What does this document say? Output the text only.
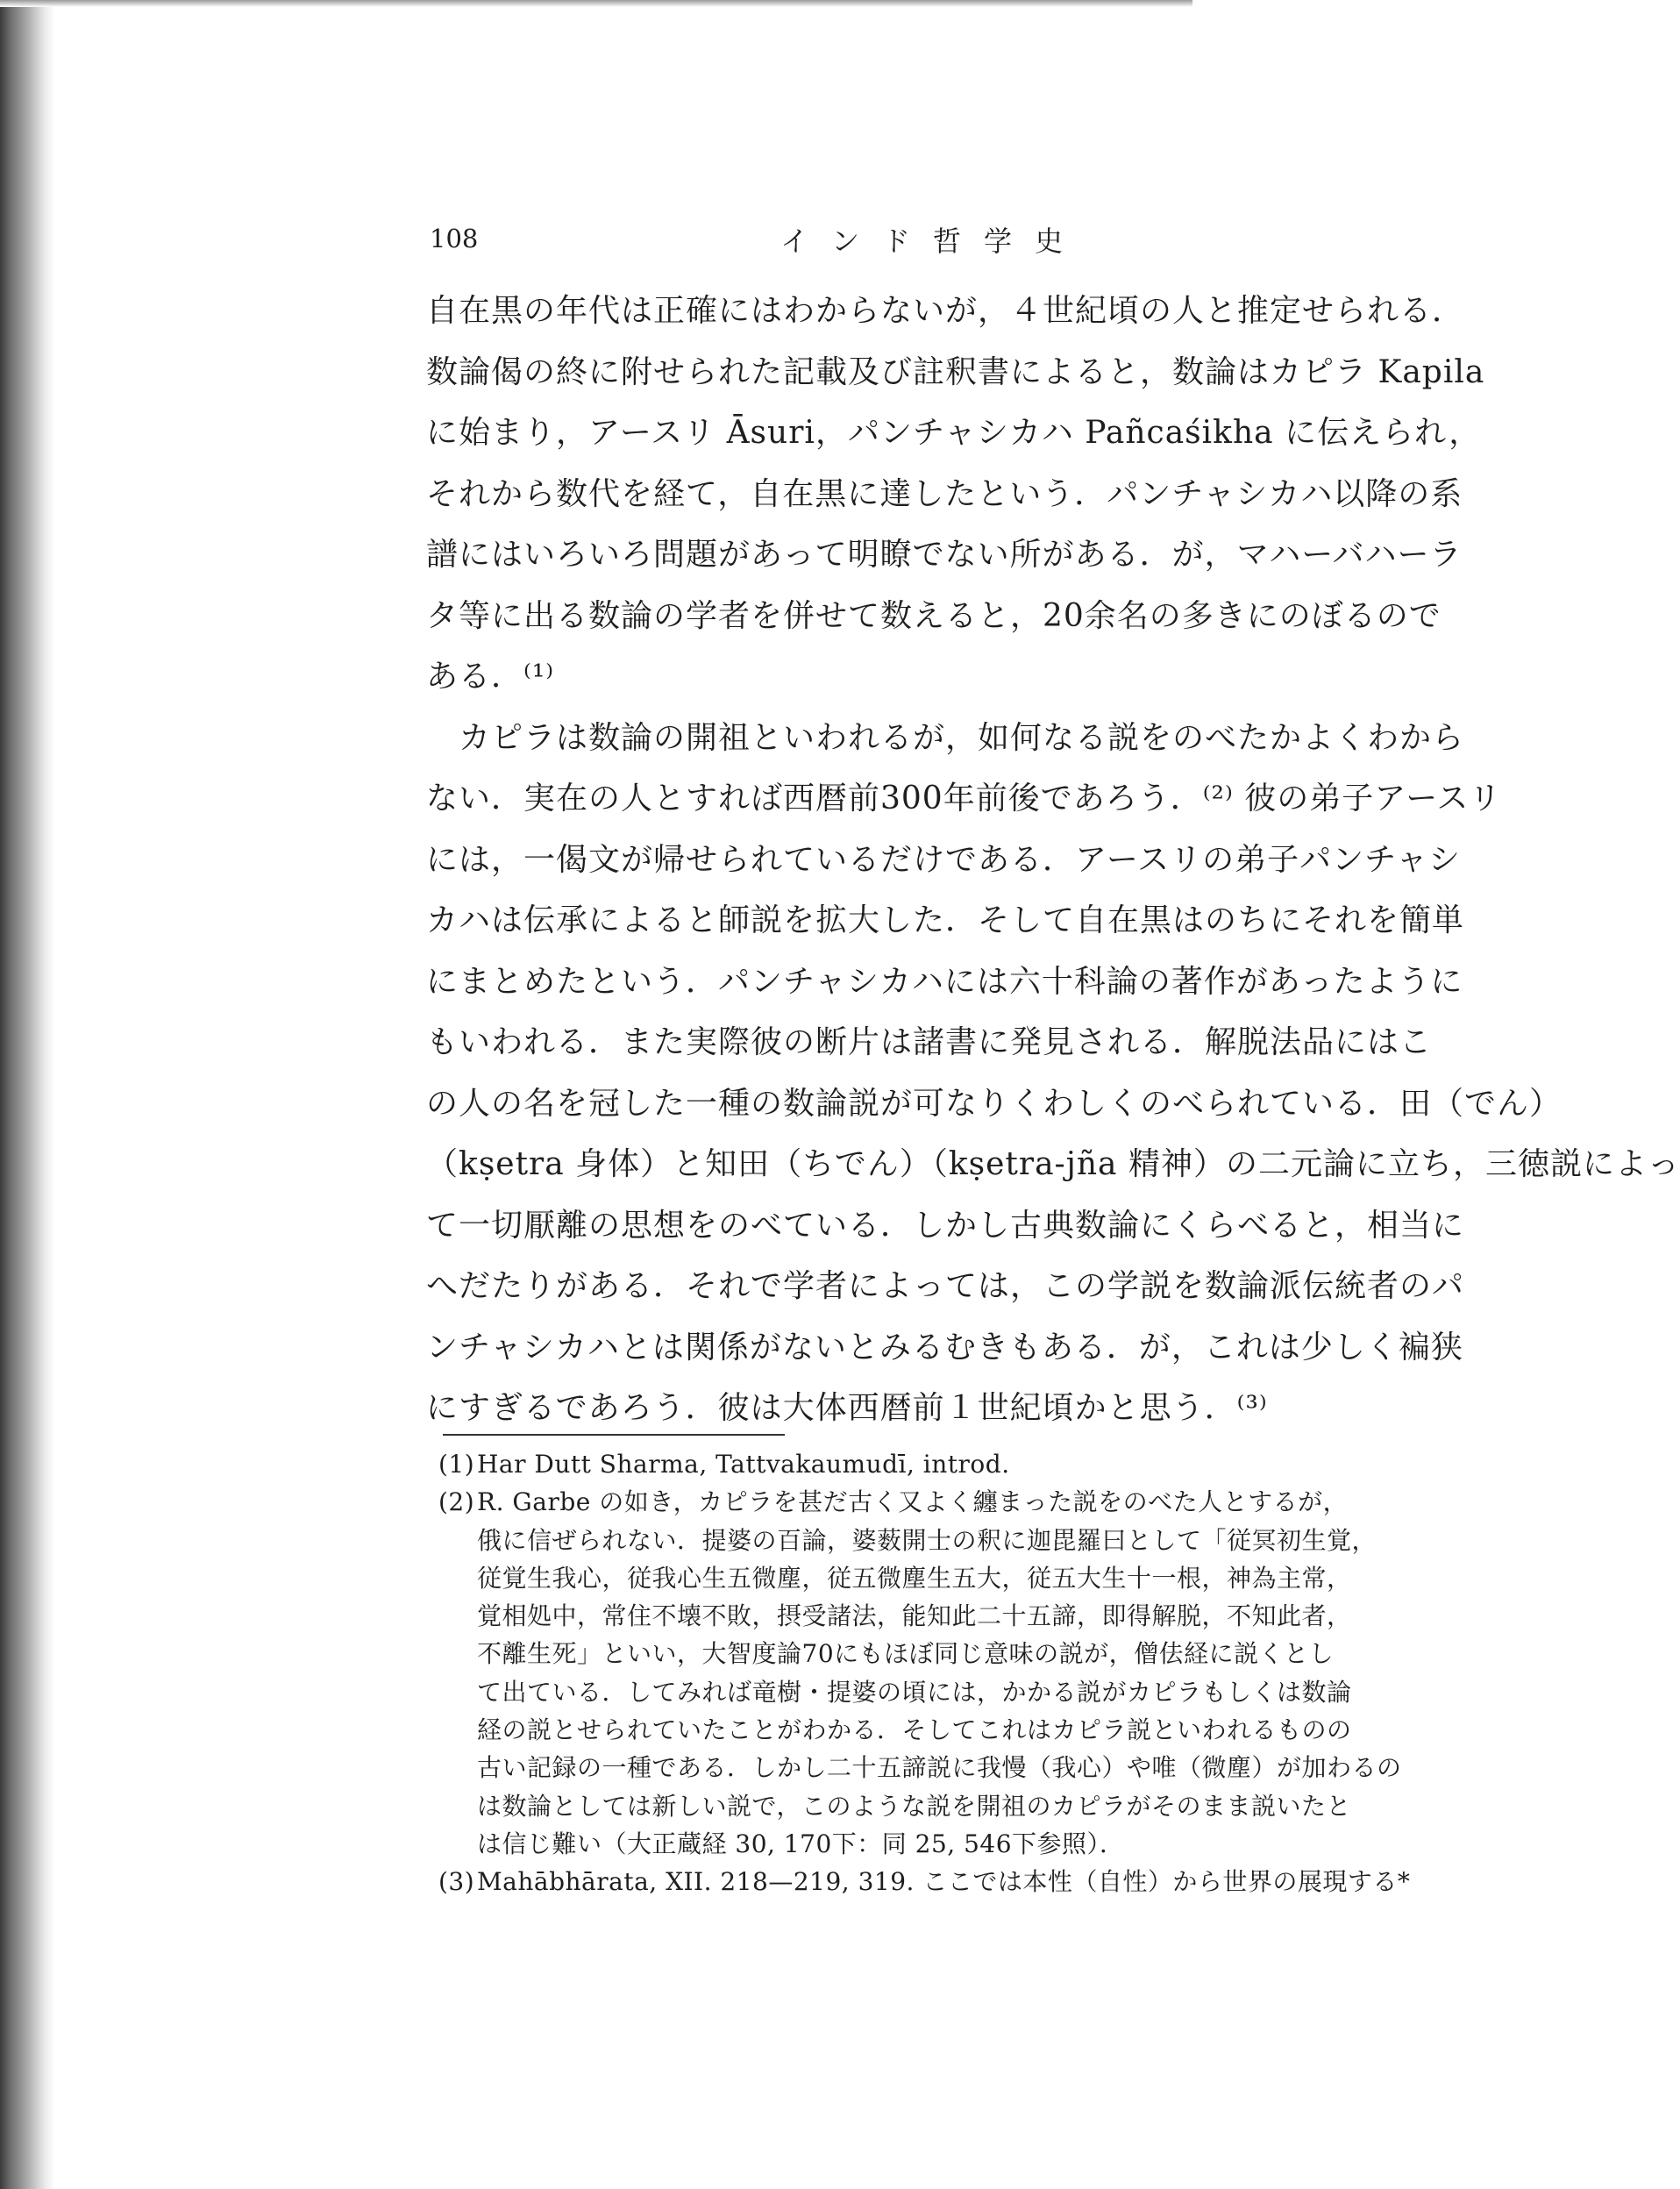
108	インド哲学史
自在黒の年代は正確にはわからないが，４世紀頃の人と推定せられる．
数論偈の終に附せられた記載及び註釈書によると，数論はカピラ Kapila
に始まり，アースリ Āsuri，パンチャシカハ Pañcaśikha に伝えられ，
それから数代を経て，自在黒に達したという．パンチャシカハ以降の系
譜にはいろいろ問題があって明瞭でない所がある．が，マハーバハーラ
タ等に出る数論の学者を併せて数えると，20余名の多きにのぼるので
ある．⁽¹⁾
　カピラは数論の開祖といわれるが，如何なる説をのべたかよくわから
ない．実在の人とすれば西暦前300年前後であろう．⁽²⁾ 彼の弟子アースリ
には，一偈文が帰せられているだけである．アースリの弟子パンチャシ
カハは伝承によると師説を拡大した．そして自在黒はのちにそれを簡単
にまとめたという．パンチャシカハには六十科論の著作があったように
もいわれる．また実際彼の断片は諸書に発見される．解脱法品にはこ
の人の名を冠した一種の数論説が可なりくわしくのべられている．田（でん）
（kṣetra 身体）と知田（ちでん）（kṣetra-jña 精神）の二元論に立ち，三徳説によっ
て一切厭離の思想をのべている．しかし古典数論にくらべると，相当に
へだたりがある．それで学者によっては，この学説を数論派伝統者のパ
ンチャシカハとは関係がないとみるむきもある．が，これは少しく褊狭
にすぎるであろう．彼は大体西暦前１世紀頃かと思う．⁽³⁾
(1) Har Dutt Sharma, Tattvakaumudī, introd.
(2) R. Garbe の如き，カピラを甚だ古く又よく纏まった説をのべた人とするが，
俄に信ぜられない．提婆の百論，婆薮開士の釈に迦毘羅曰として「従冥初生覚，
従覚生我心，従我心生五微塵，従五微塵生五大，従五大生十一根，神為主常，
覚相処中，常住不壊不敗，摂受諸法，能知此二十五諦，即得解脱，不知此者，
不離生死」といい，大智度論70にもほぼ同じ意味の説が，僧佉経に説くとし
て出ている．してみれば竜樹・提婆の頃には，かかる説がカピラもしくは数論
経の説とせられていたことがわかる．そしてこれはカピラ説といわれるものの
古い記録の一種である．しかし二十五諦説に我慢（我心）や唯（微塵）が加わるの
は数論としては新しい説で，このような説を開祖のカピラがそのまま説いたと
は信じ難い（大正蔵経 30, 170下：同 25, 546下参照）．
(3) Mahābhārata, XII. 218—219, 319. ここでは本性（自性）から世界の展現する*
